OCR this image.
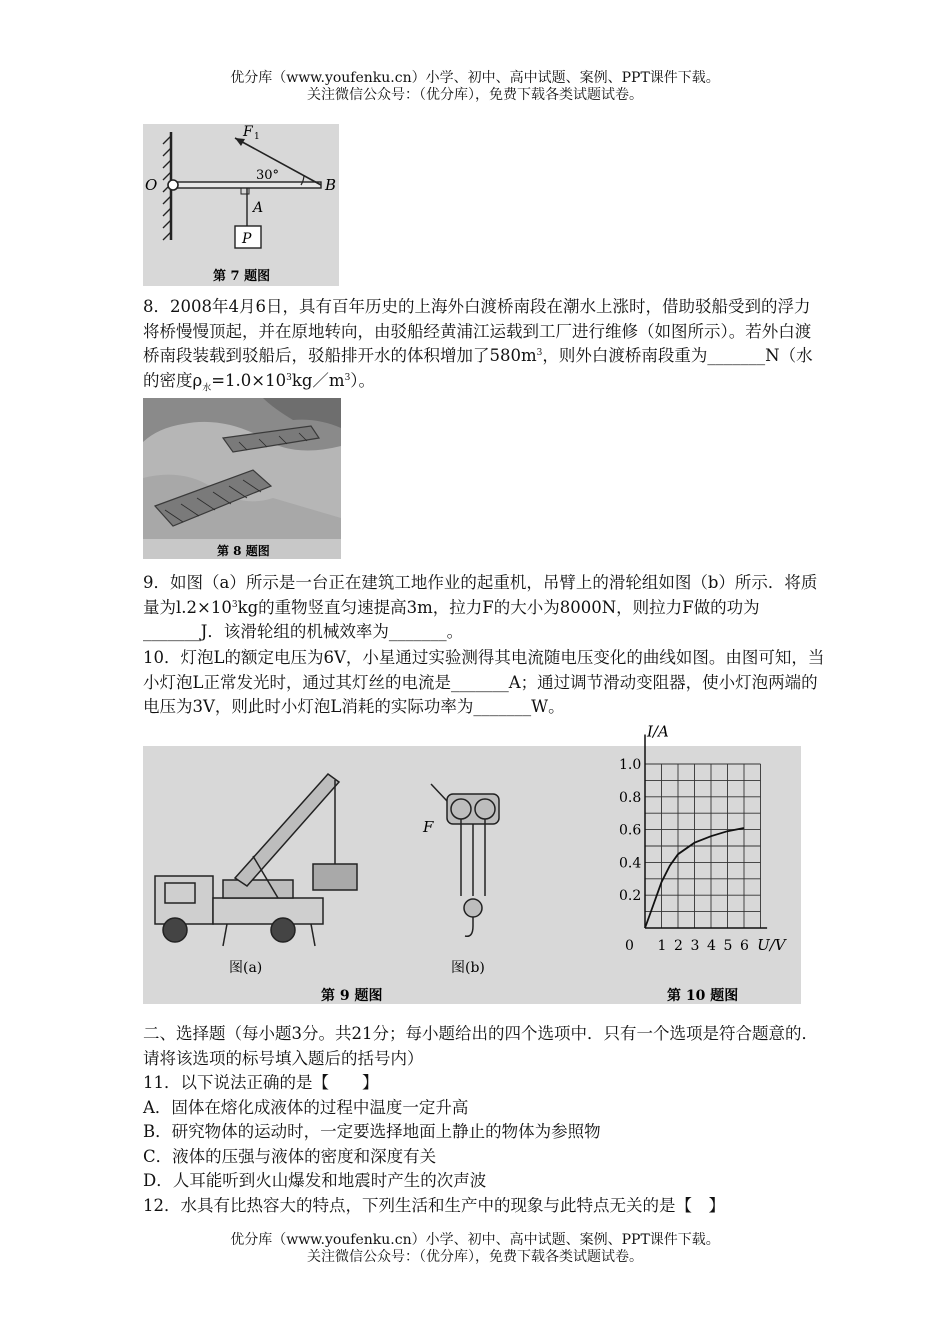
优分库（www.youfenku.cn）小学、初中、高中试题、案例、PPT课件下载。
关注微信公众号：（优分库），免费下载各类试题试卷。
O	B
A
P
F 1
30°
第 7 题图

8．2008年4月6日，具有百年历史的上海外白渡桥南段在潮水上涨时，借助驳船受到的浮力将桥慢慢顶起，并在原地转向，由驳船经黄浦江运载到工厂进行维修（如图所示）。若外白渡桥南段装载到驳船后，驳船排开水的体积增加了$580m^3$，则外白渡桥南段重为_______N（水的密度$\rho_水=1.0\times 10^3kg/m^3$）。

第 8 题图

9．如图（a）所示是一台正在建筑工地作业的起重机，吊臂上的滑轮组如图（b）所示．将质量为$l.2\times 10^3kg$的重物竖直匀速提高3m，拉力F的大小为8000N，则拉力F做的功为_______J．该滑轮组的机械效率为_______。

10．灯泡L的额定电压为6V，小星通过实验测得其电流随电压变化的曲线如图。由图可知，当小灯泡L正常发光时，通过其灯丝的电流是_______A；通过调节滑动变阻器，使小灯泡两端的电压为3V，则此时小灯泡L消耗的实际功率为_______W。

图(a)
F
图(b)
第 9 题图
0.2
0.4
0.6
0.8
1.0
0 1 2 3 4 5 6
I/A
U/V
第 10 题图

二、选择题（每小题3分。共21分；每小题给出的四个选项中．只有一个选项是符合题意的．请将该选项的标号填入题后的括号内）

11．以下说法正确的是【　　】

A．固体在熔化成液体的过程中温度一定升高
B．研究物体的运动时，一定要选择地面上静止的物体为参照物
C．液体的压强与液体的密度和深度有关
D．人耳能听到火山爆发和地震时产生的次声波

12．水具有比热容大的特点，下列生活和生产中的现象与此特点无关的是【　】

优分库（www.youfenku.cn）小学、初中、高中试题、案例、PPT课件下载。
关注微信公众号：（优分库），免费下载各类试题试卷。
